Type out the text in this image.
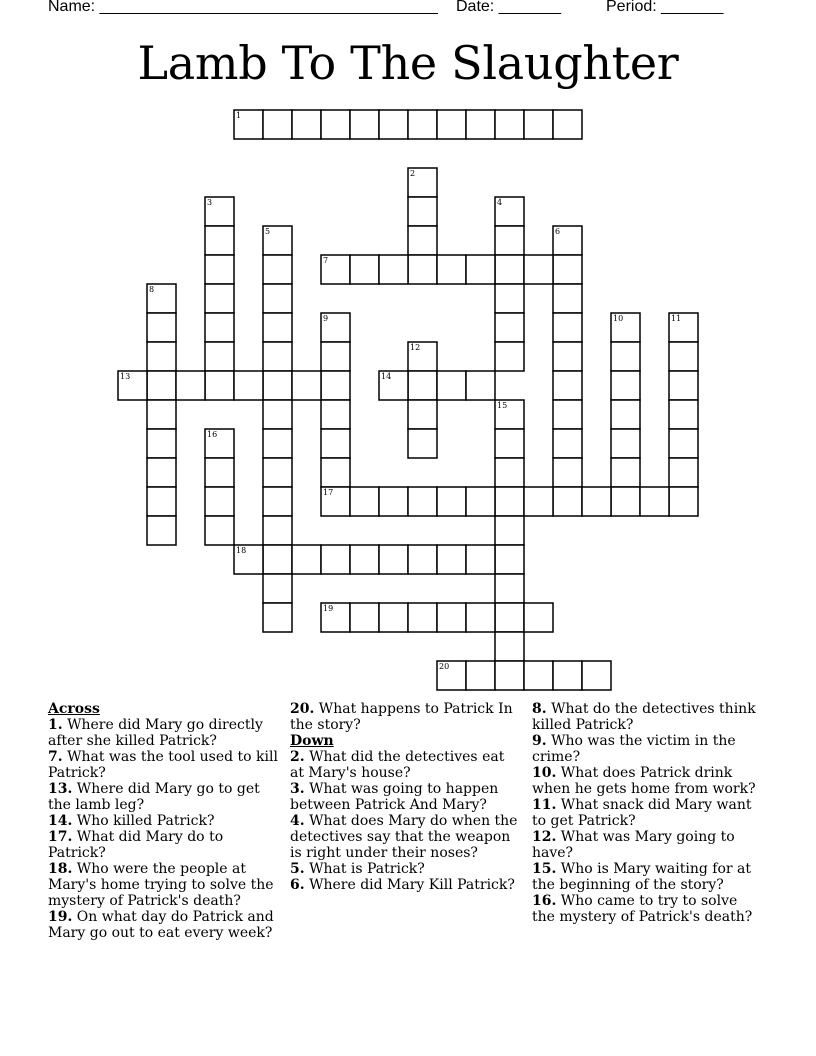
Name: ______________________________________ Date: _______	Period: _______
Lamb To The Slaughter
1
2
3	4
5	6
7
8
9	10	11
12
13	14
15
16
17
18
19
20
Across
1. Where did Mary go directly after she killed Patrick?
7. What was the tool used to kill Patrick?
13. Where did Mary go to get the lamb leg?
14. Who killed Patrick?
17. What did Mary do to Patrick?
18. Who were the people at Mary's home trying to solve the mystery of Patrick's death?
19. On what day do Patrick and Mary go out to eat every week?
20. What happens to Patrick In the story?
Down
2. What did the detectives eat at Mary's house?
3. What was going to happen between Patrick And Mary?
4. What does Mary do when the detectives say that the weapon is right under their noses?
5. What is Patrick?
6. Where did Mary Kill Patrick?
8. What do the detectives think killed Patrick?
9. Who was the victim in the crime?
10. What does Patrick drink when he gets home from work?
11. What snack did Mary want to get Patrick?
12. What was Mary going to have?
15. Who is Mary waiting for at the beginning of the story?
16. Who came to try to solve the mystery of Patrick's death?
